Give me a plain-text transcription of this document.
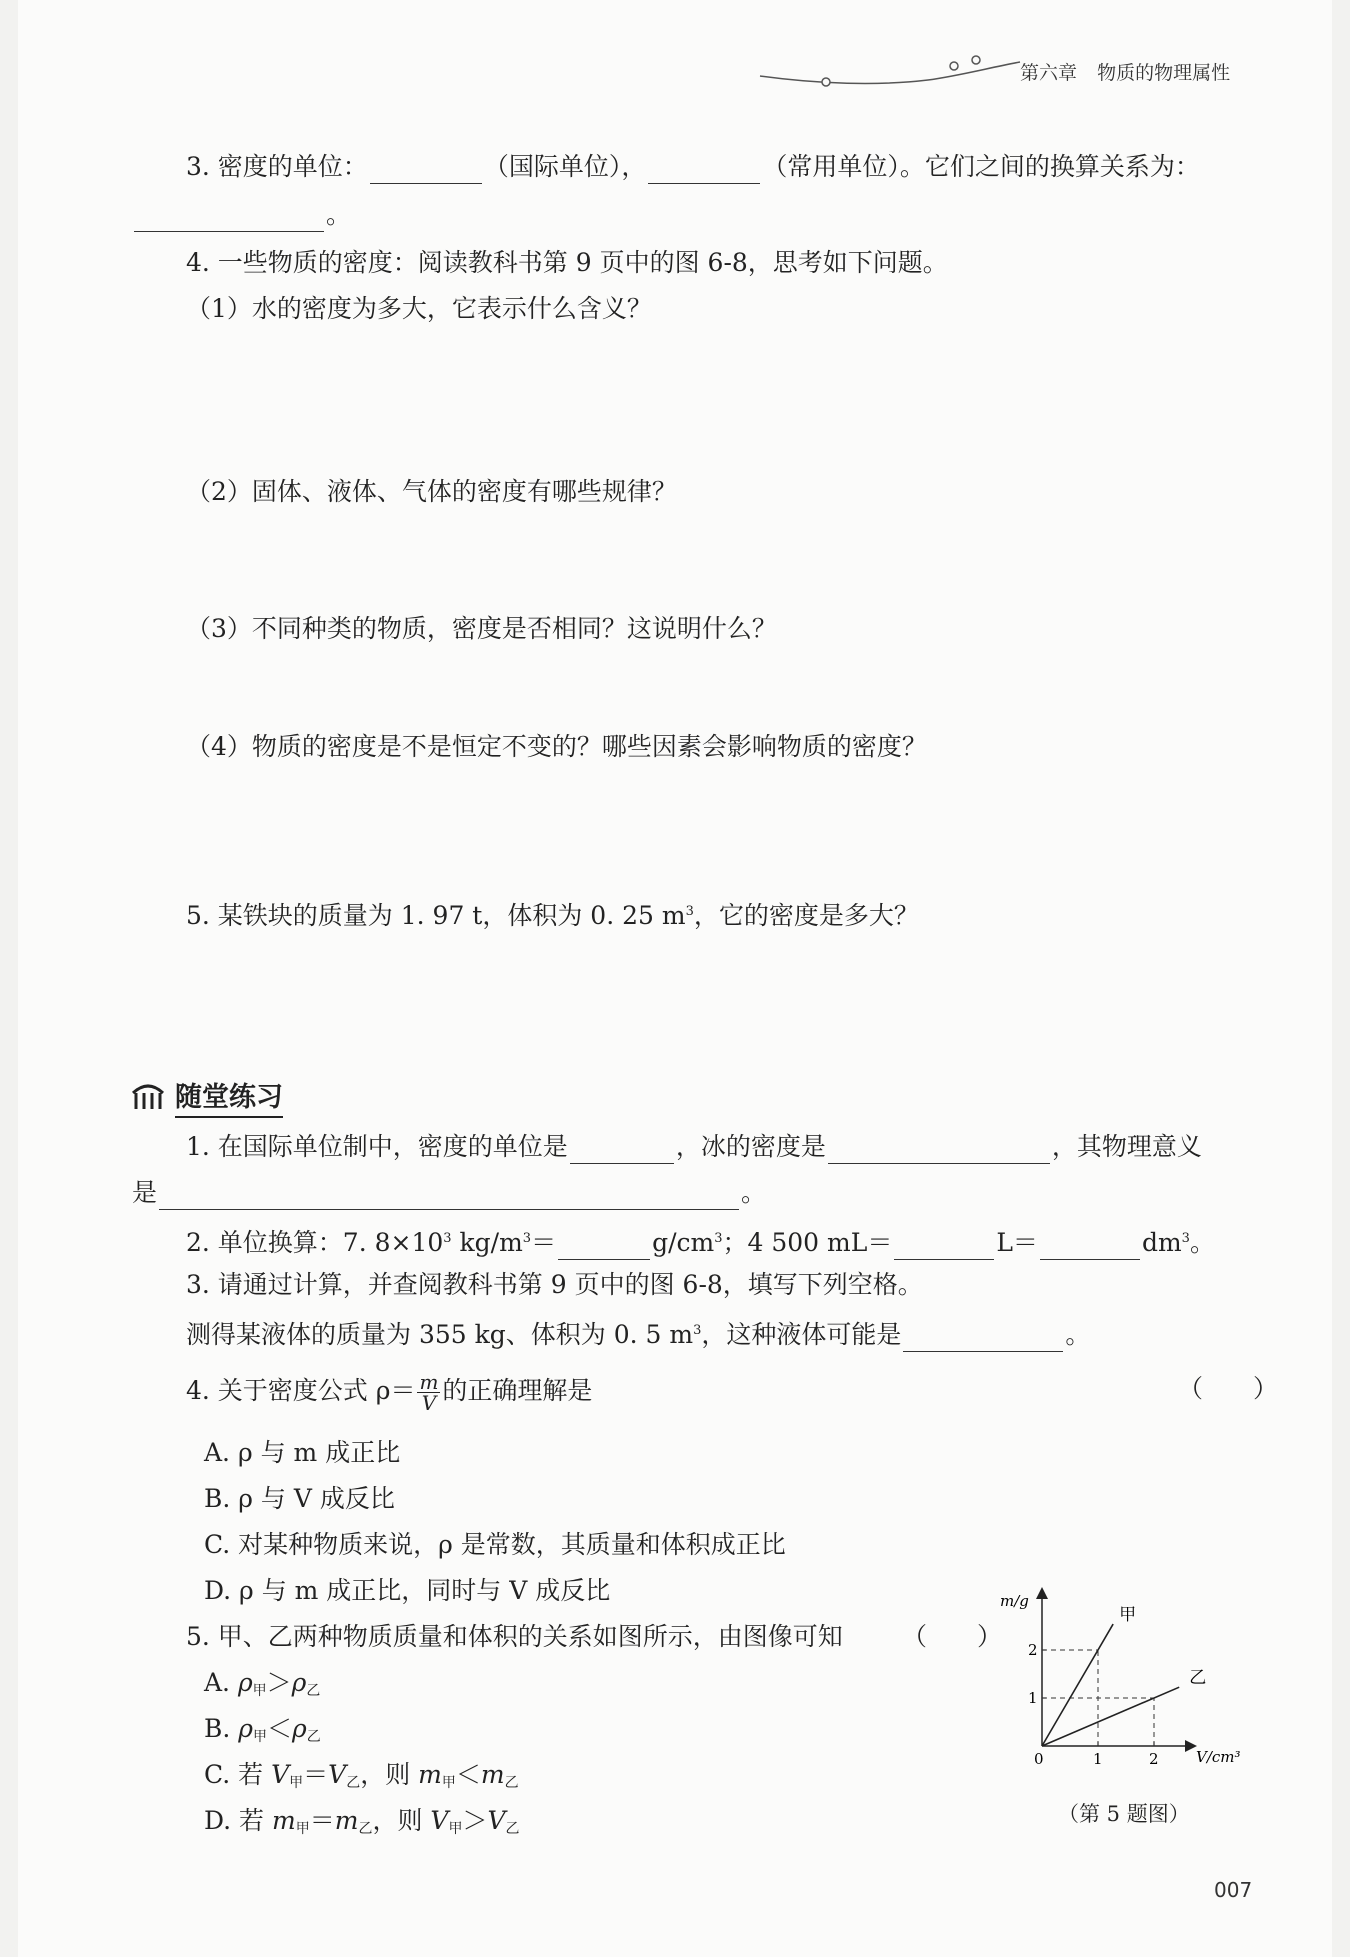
第六章 物质的物理属性
3. 密度的单位：	（国际单位），	（常用单位）。它们之间的换算关系为：
。
4. 一些物质的密度：阅读教科书第 9 页中的图 6-8，思考如下问题。
（1）水的密度为多大，它表示什么含义？
（2）固体、液体、气体的密度有哪些规律？
（3）不同种类的物质，密度是否相同？这说明什么？
（4）物质的密度是不是恒定不变的？哪些因素会影响物质的密度？
5. 某铁块的质量为 1. 97 t，体积为 0. 25 $m^3$，它的密度是多大？
随堂练习
1. 在国际单位制中，密度的单位是	，冰的密度是	，其物理意义
是	。
2. 单位换算：7. $8\times 10^3$ $kg/m^3=$	$g/cm^3$；4 500 mL＝	L＝	$dm^3$。
3. 请通过计算，并查阅教科书第 9 页中的图 6-8，填写下列空格。
测得某液体的质量为 355 kg、体积为 0. 5 $m^3$，这种液体可能是	。
4. 关于密度公式 $\rho= \frac{m}{V}$ 的正确理解是	（　　）
A. ρ 与 m 成正比
B. ρ 与 V 成反比
C. 对某种物质来说，ρ 是常数，其质量和体积成正比
D. ρ 与 m 成正比，同时与 V 成反比
5. 甲、乙两种物质质量和体积的关系如图所示，由图像可知 （　　）
A. $\rho_甲>\rho_乙$
B. $\rho_甲<\rho_乙$
C. 若 $V_甲=V_乙$，则 $m_甲<m_乙$
D. 若 $m_甲=m_乙$，则 $V_甲>V_乙$
m/g
V/cm³
0	1	2
1
2
甲
乙
（第 5 题图）
007
